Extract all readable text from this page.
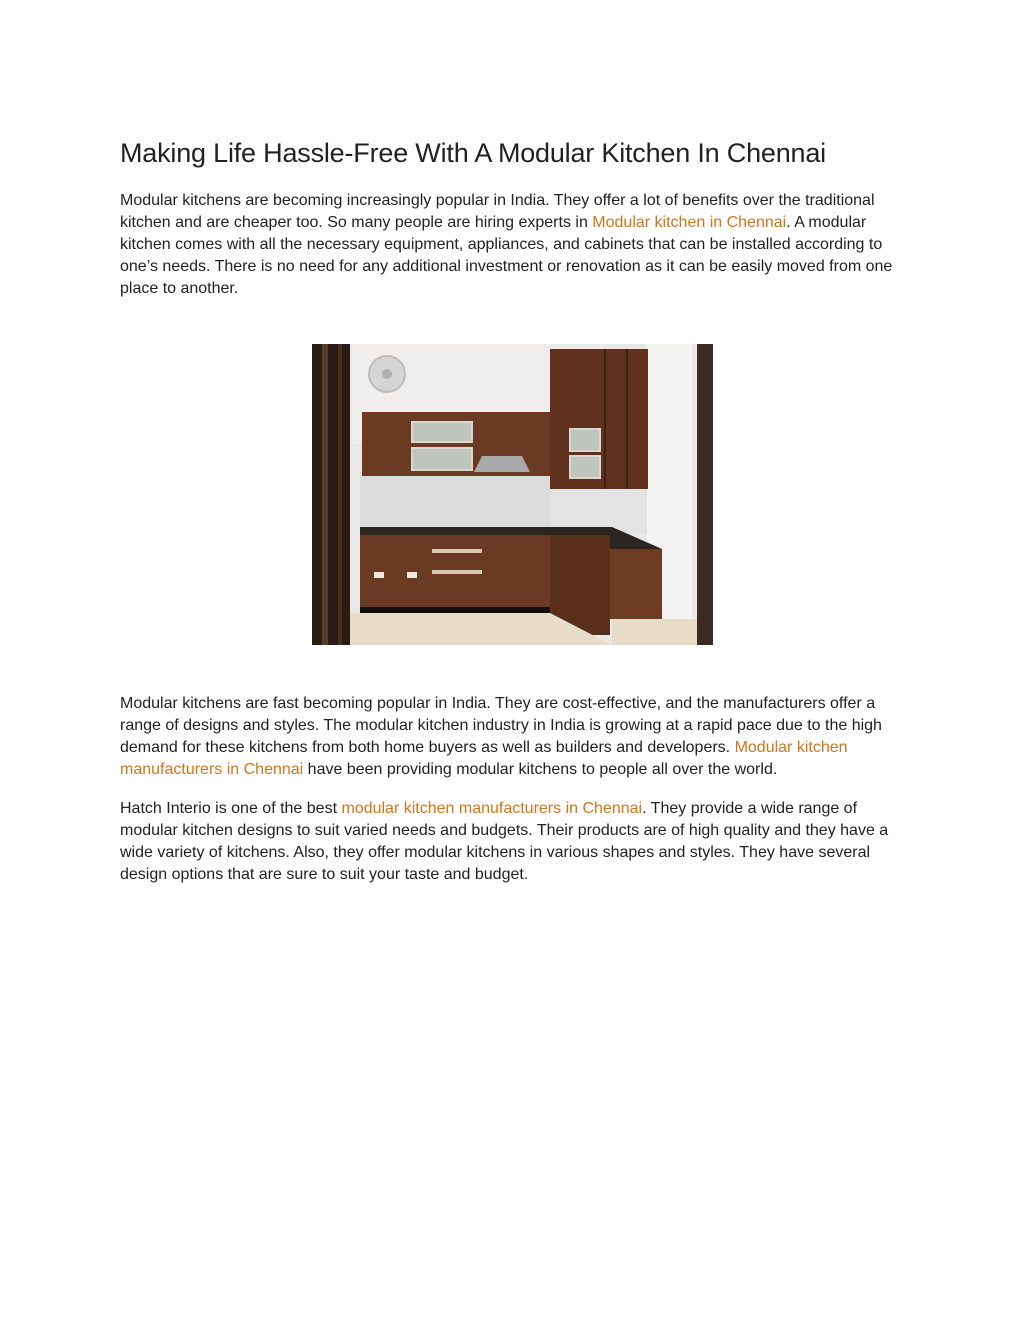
Making Life Hassle-Free With A Modular Kitchen In Chennai

Modular kitchens are becoming increasingly popular in India. They offer a lot of benefits over the traditional kitchen and are cheaper too. So many people are hiring experts in Modular kitchen in Chennai. A modular kitchen comes with all the necessary equipment, appliances, and cabinets that can be installed according to one’s needs. There is no need for any additional investment or renovation as it can be easily moved from one place to another.

Modular kitchens are fast becoming popular in India. They are cost-effective, and the manufacturers offer a range of designs and styles. The modular kitchen industry in India is growing at a rapid pace due to the high demand for these kitchens from both home buyers as well as builders and developers. Modular kitchen manufacturers in Chennai have been providing modular kitchens to people all over the world.

Hatch Interio is one of the best modular kitchen manufacturers in Chennai. They provide a wide range of modular kitchen designs to suit varied needs and budgets. Their products are of high quality and they have a wide variety of kitchens. Also, they offer modular kitchens in various shapes and styles. They have several design options that are sure to suit your taste and budget.
